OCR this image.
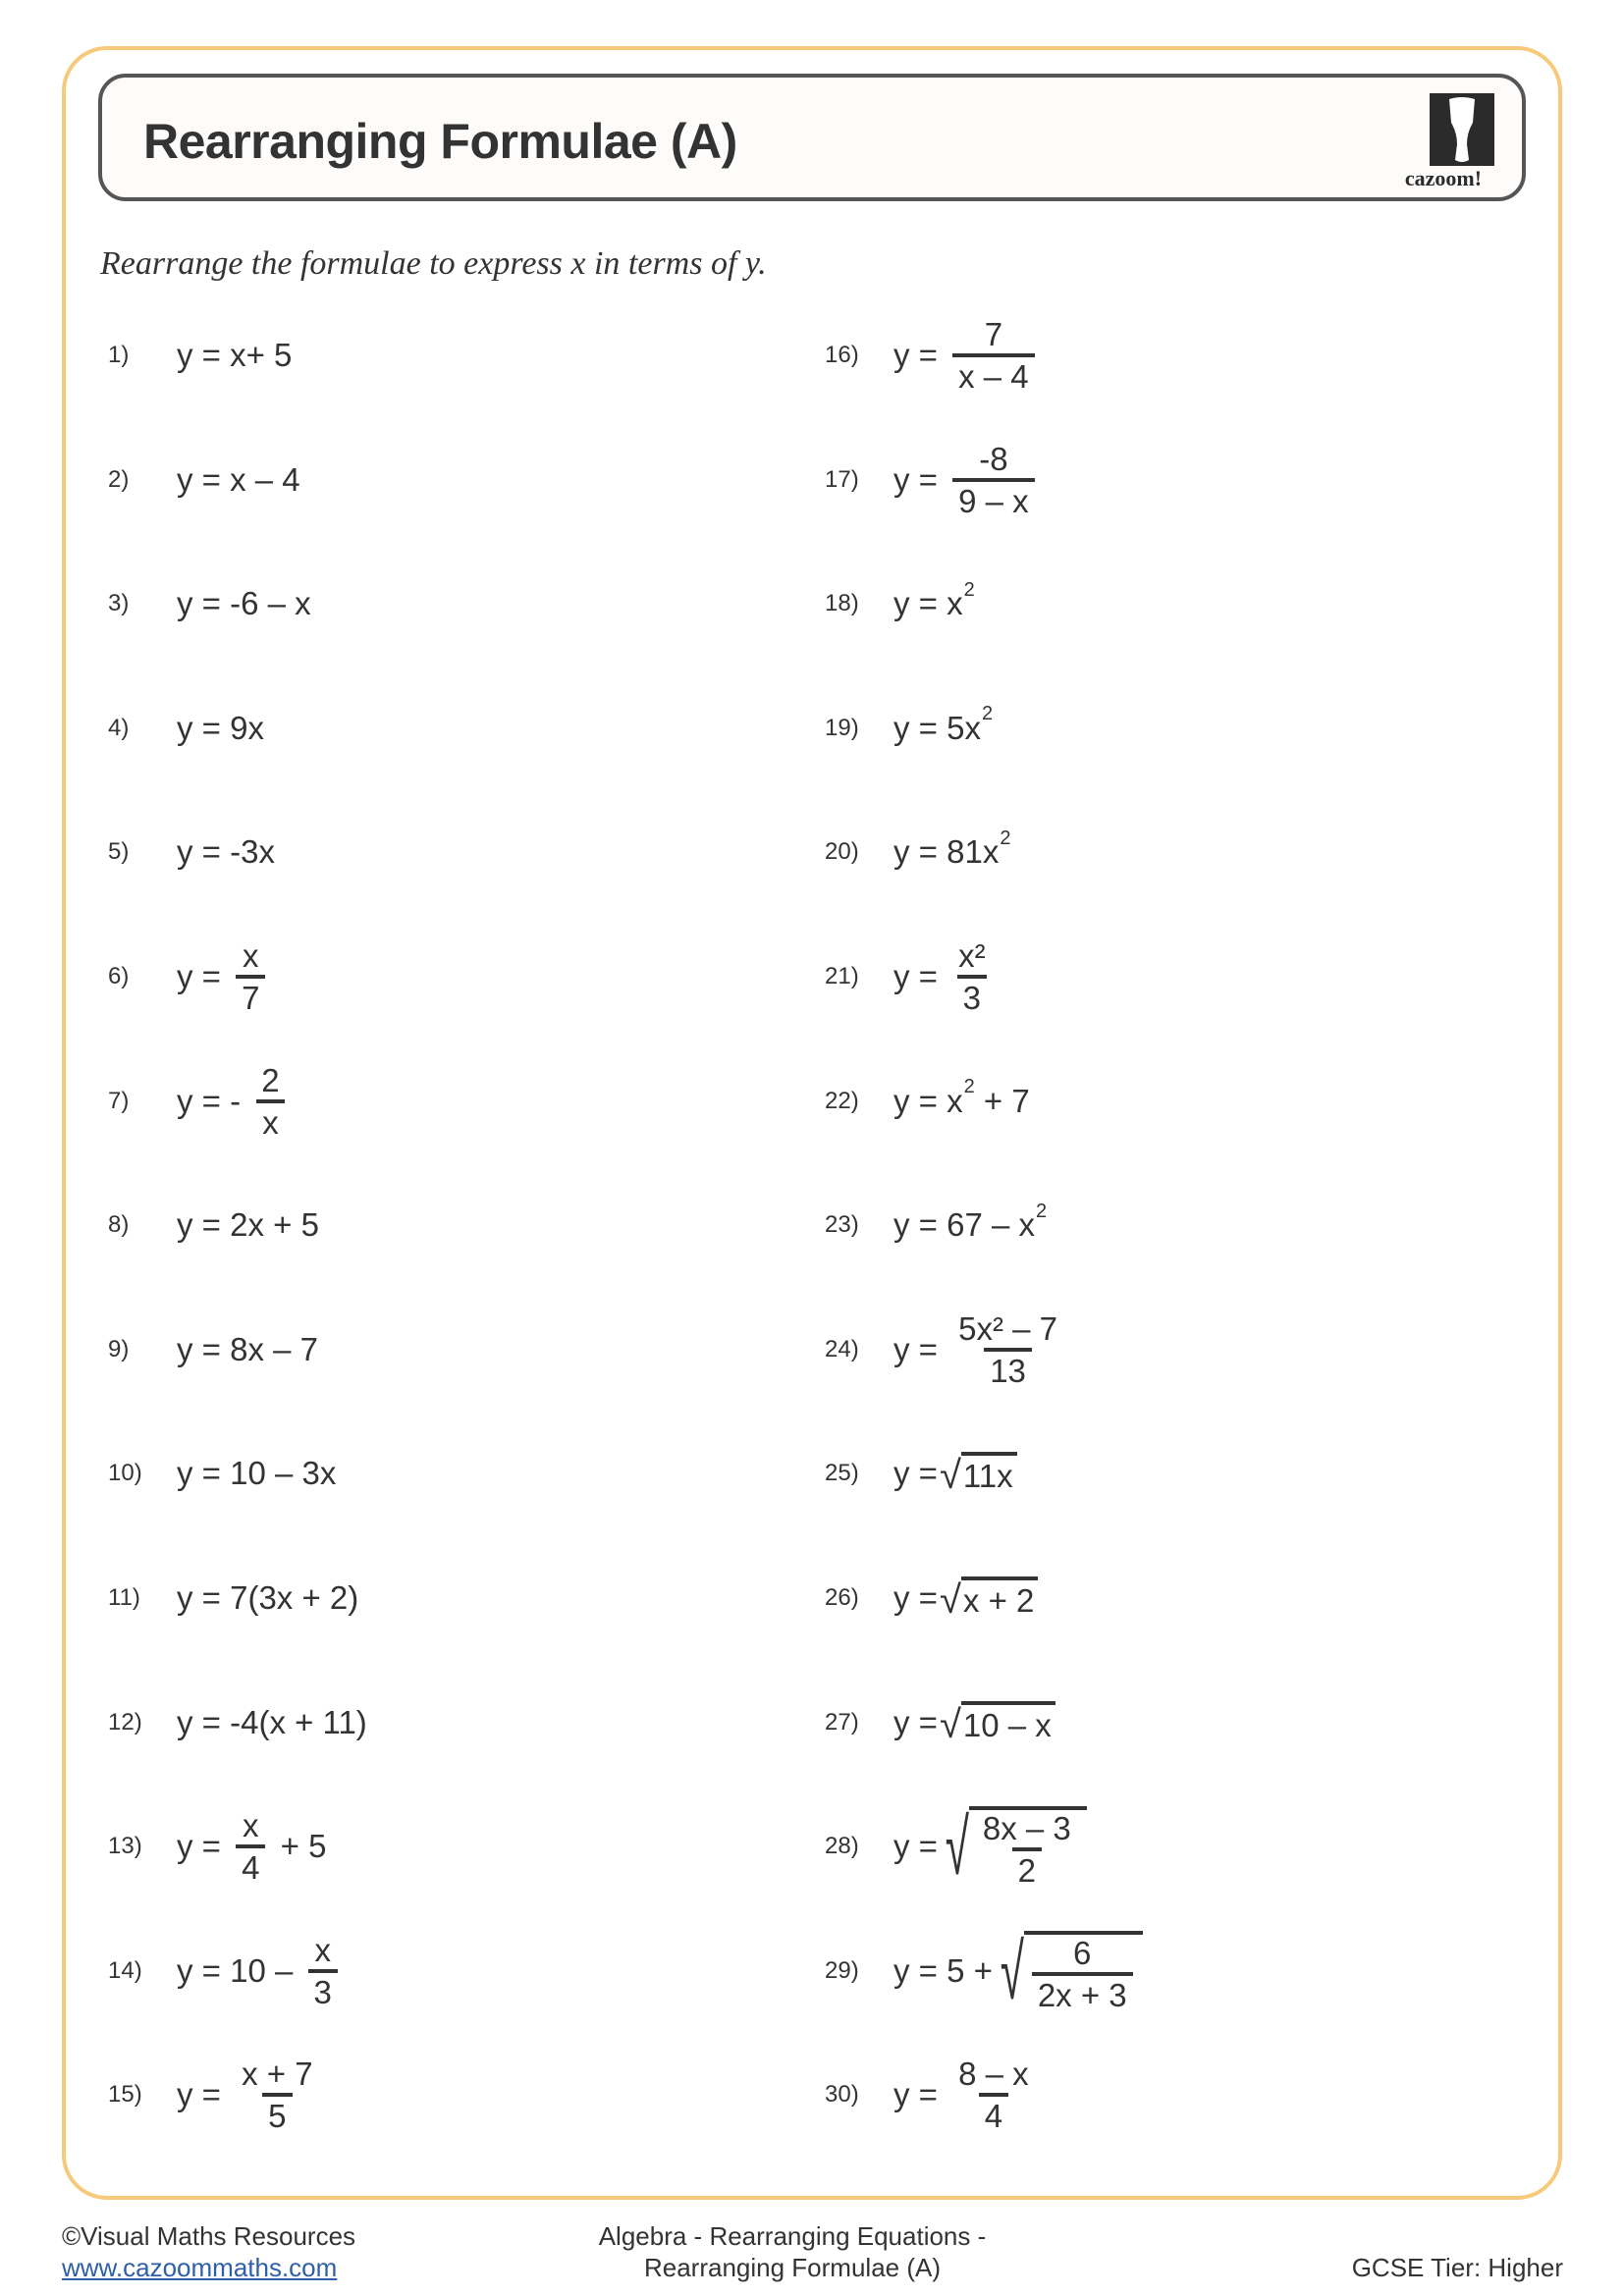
Rearranging Formulae (A)
cazoom!
Rearrange the formulae to express x in terms of y.
1)	y = x+ 5
2)	y = x – 4
3)	y = -6 – x
4)	y = 9x
5)	y = -3x
6)	$y = \frac{x}{7}$
7)	y = - $\frac{2}{x}$
8)	y = 2x + 5
9)	y = 8x – 7
10)	y = 10 – 3x
11)	y = 7(3x + 2)
12)	y = -4(x + 11)
13)	$y = \frac{x}{4} + 5$
14)	$y = 10 - \frac{x}{3}$
15)	$y = \frac{x + 7}{5}$
16)	$y = \frac{7}{x - 4}$
17)	$y = \frac{-8}{9 - x}$
18)	y = x 2
19)	y = 5x 2
20)	y = 81x 2
21)	$y = \frac{\text{x²}}{3}$
22)	y = x 2 + 7
23)	y = 67 – x 2
24)	$y = \frac{\text{5x² – 7}}{13}$
25)	y = √ 11x
26)	y = √ x + 2
27)	y = √ 10 – x
28)	y = √ $\frac{8x - 3}{2}$
29)	y = 5 + √ $\frac{6}{2x + 3}$
30)	$y = \frac{8 - x}{4}$
©Visual Maths Resources
www.cazoommaths.com
Algebra - Rearranging Equations -
Rearranging Formulae (A)	GCSE Tier: Higher
